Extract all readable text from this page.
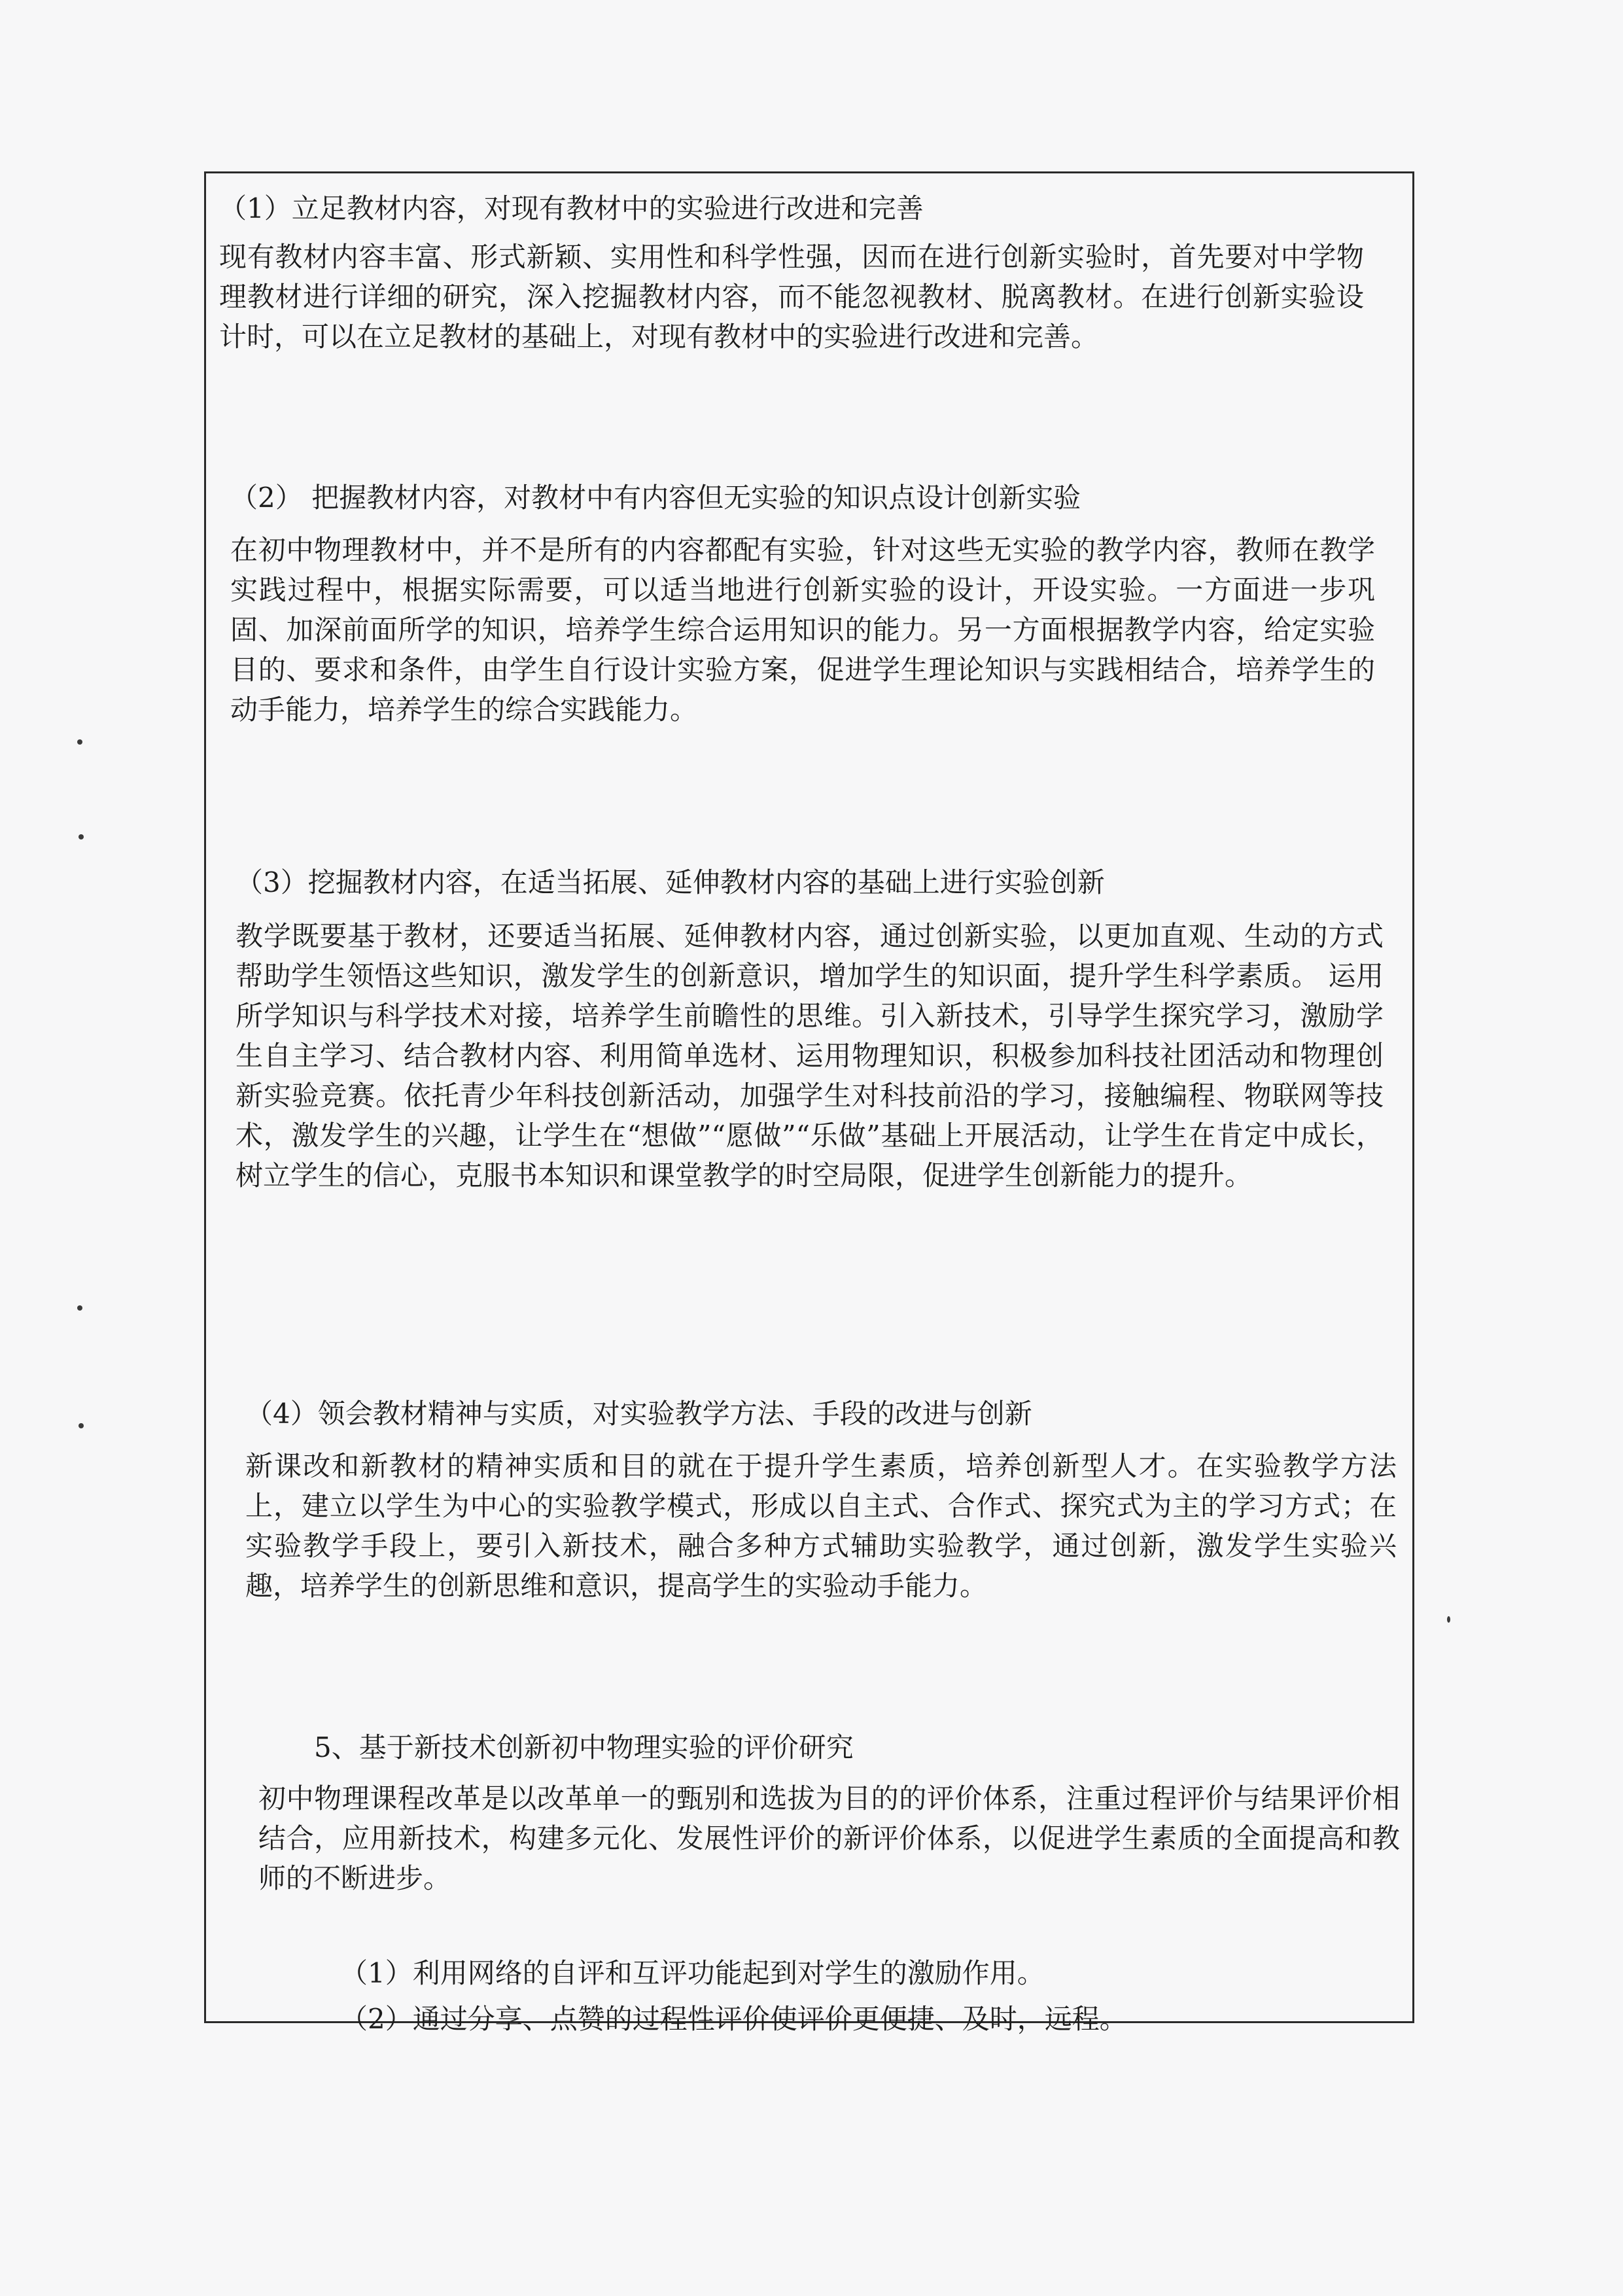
（1）立足教材内容，对现有教材中的实验进行改进和完善

现有教材内容丰富、形式新颖、实用性和科学性强，因而在进行创新实验时，首先要对中学物理教材进行详细的研究，深入挖掘教材内容，而不能忽视教材、脱离教材。在进行创新实验设计时，可以在立足教材的基础上，对现有教材中的实验进行改进和完善。

（2） 把握教材内容，对教材中有内容但无实验的知识点设计创新实验

在初中物理教材中，并不是所有的内容都配有实验，针对这些无实验的教学内容，教师在教学实践过程中，根据实际需要，可以适当地进行创新实验的设计，开设实验。一方面进一步巩固、加深前面所学的知识，培养学生综合运用知识的能力。另一方面根据教学内容，给定实验目的、要求和条件，由学生自行设计实验方案，促进学生理论知识与实践相结合，培养学生的动手能力，培养学生的综合实践能力。

（3）挖掘教材内容，在适当拓展、延伸教材内容的基础上进行实验创新

教学既要基于教材，还要适当拓展、延伸教材内容，通过创新实验，以更加直观、生动的方式帮助学生领悟这些知识，激发学生的创新意识，增加学生的知识面，提升学生科学素质。 运用所学知识与科学技术对接，培养学生前瞻性的思维。引入新技术，引导学生探究学习，激励学生自主学习、结合教材内容、利用简单选材、运用物理知识，积极参加科技社团活动和物理创新实验竞赛。依托青少年科技创新活动，加强学生对科技前沿的学习，接触编程、物联网等技术，激发学生的兴趣，让学生在“想做”“愿做”“乐做”基础上开展活动，让学生在肯定中成长，树立学生的信心，克服书本知识和课堂教学的时空局限，促进学生创新能力的提升。

（4）领会教材精神与实质，对实验教学方法、手段的改进与创新

新课改和新教材的精神实质和目的就在于提升学生素质，培养创新型人才。在实验教学方法上，建立以学生为中心的实验教学模式，形成以自主式、合作式、探究式为主的学习方式；在实验教学手段上，要引入新技术，融合多种方式辅助实验教学，通过创新，激发学生实验兴趣，培养学生的创新思维和意识，提高学生的实验动手能力。

5、基于新技术创新初中物理实验的评价研究

初中物理课程改革是以改革单一的甄别和选拔为目的的评价体系，注重过程评价与结果评价相结合，应用新技术，构建多元化、发展性评价的新评价体系，以促进学生素质的全面提高和教师的不断进步。

（1）利用网络的自评和互评功能起到对学生的激励作用。

（2）通过分享、点赞的过程性评价使评价更便捷、及时，远程。
